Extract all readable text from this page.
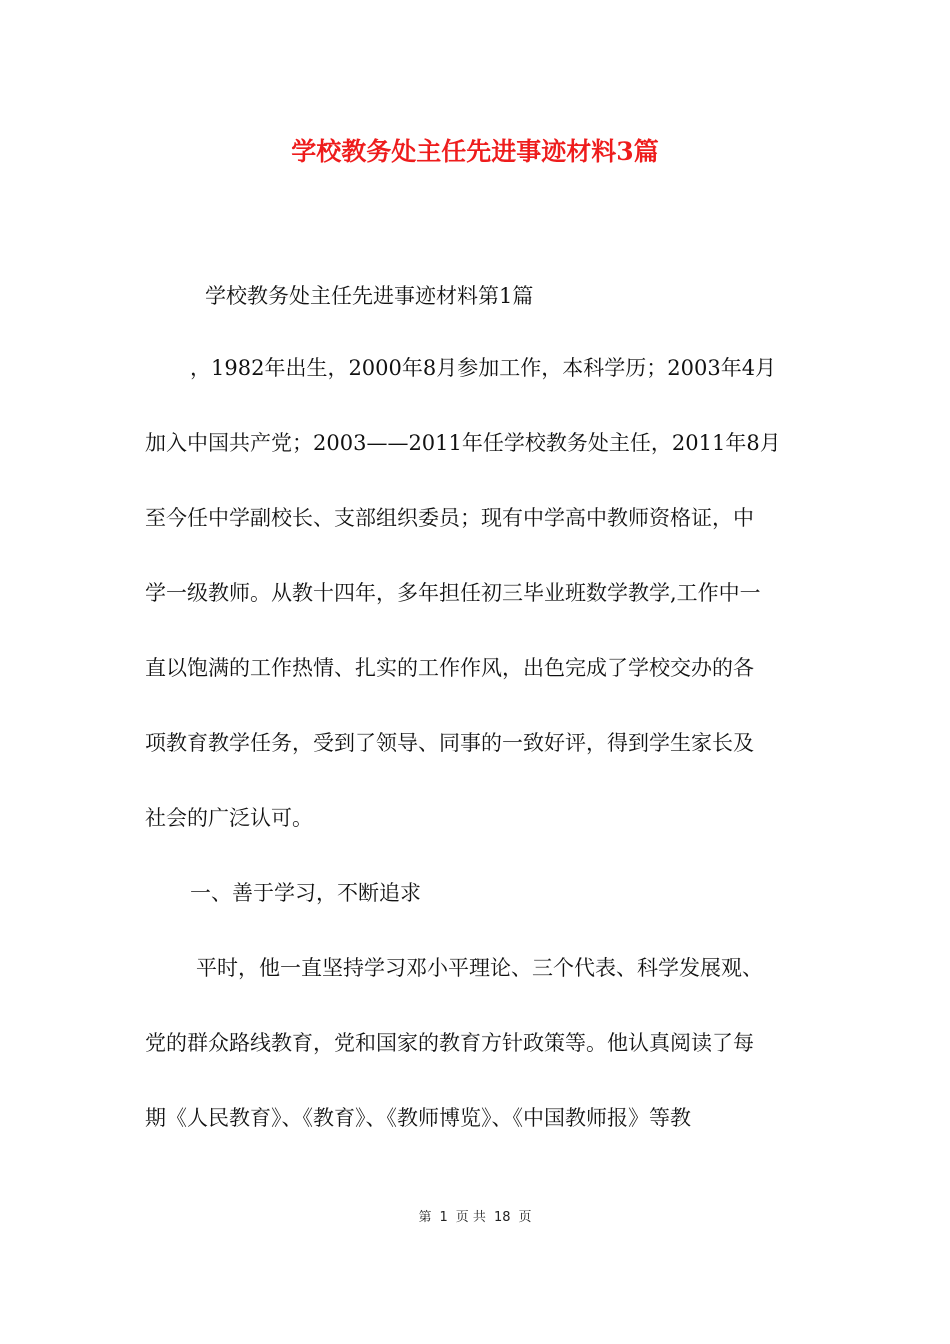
学校教务处主任先进事迹材料3篇
学校教务处主任先进事迹材料第1篇
，1982年出生，2000年8月参加工作，本科学历；2003年4月
加入中国共产党；2003——2011年任学校教务处主任，2011年8月
至今任中学副校长、支部组织委员；现有中学高中教师资格证，中
学一级教师。从教十四年，多年担任初三毕业班数学教学,工作中一
直以饱满的工作热情、扎实的工作作风，出色完成了学校交办的各
项教育教学任务，受到了领导、同事的一致好评，得到学生家长及
社会的广泛认可。
一、善于学习，不断追求
平时，他一直坚持学习邓小平理论、三个代表、科学发展观、
党的群众路线教育，党和国家的教育方针政策等。他认真阅读了每
期《人民教育》、《教育》、《教师博览》、《中国教师报》等教
第 1 页 共 18 页
